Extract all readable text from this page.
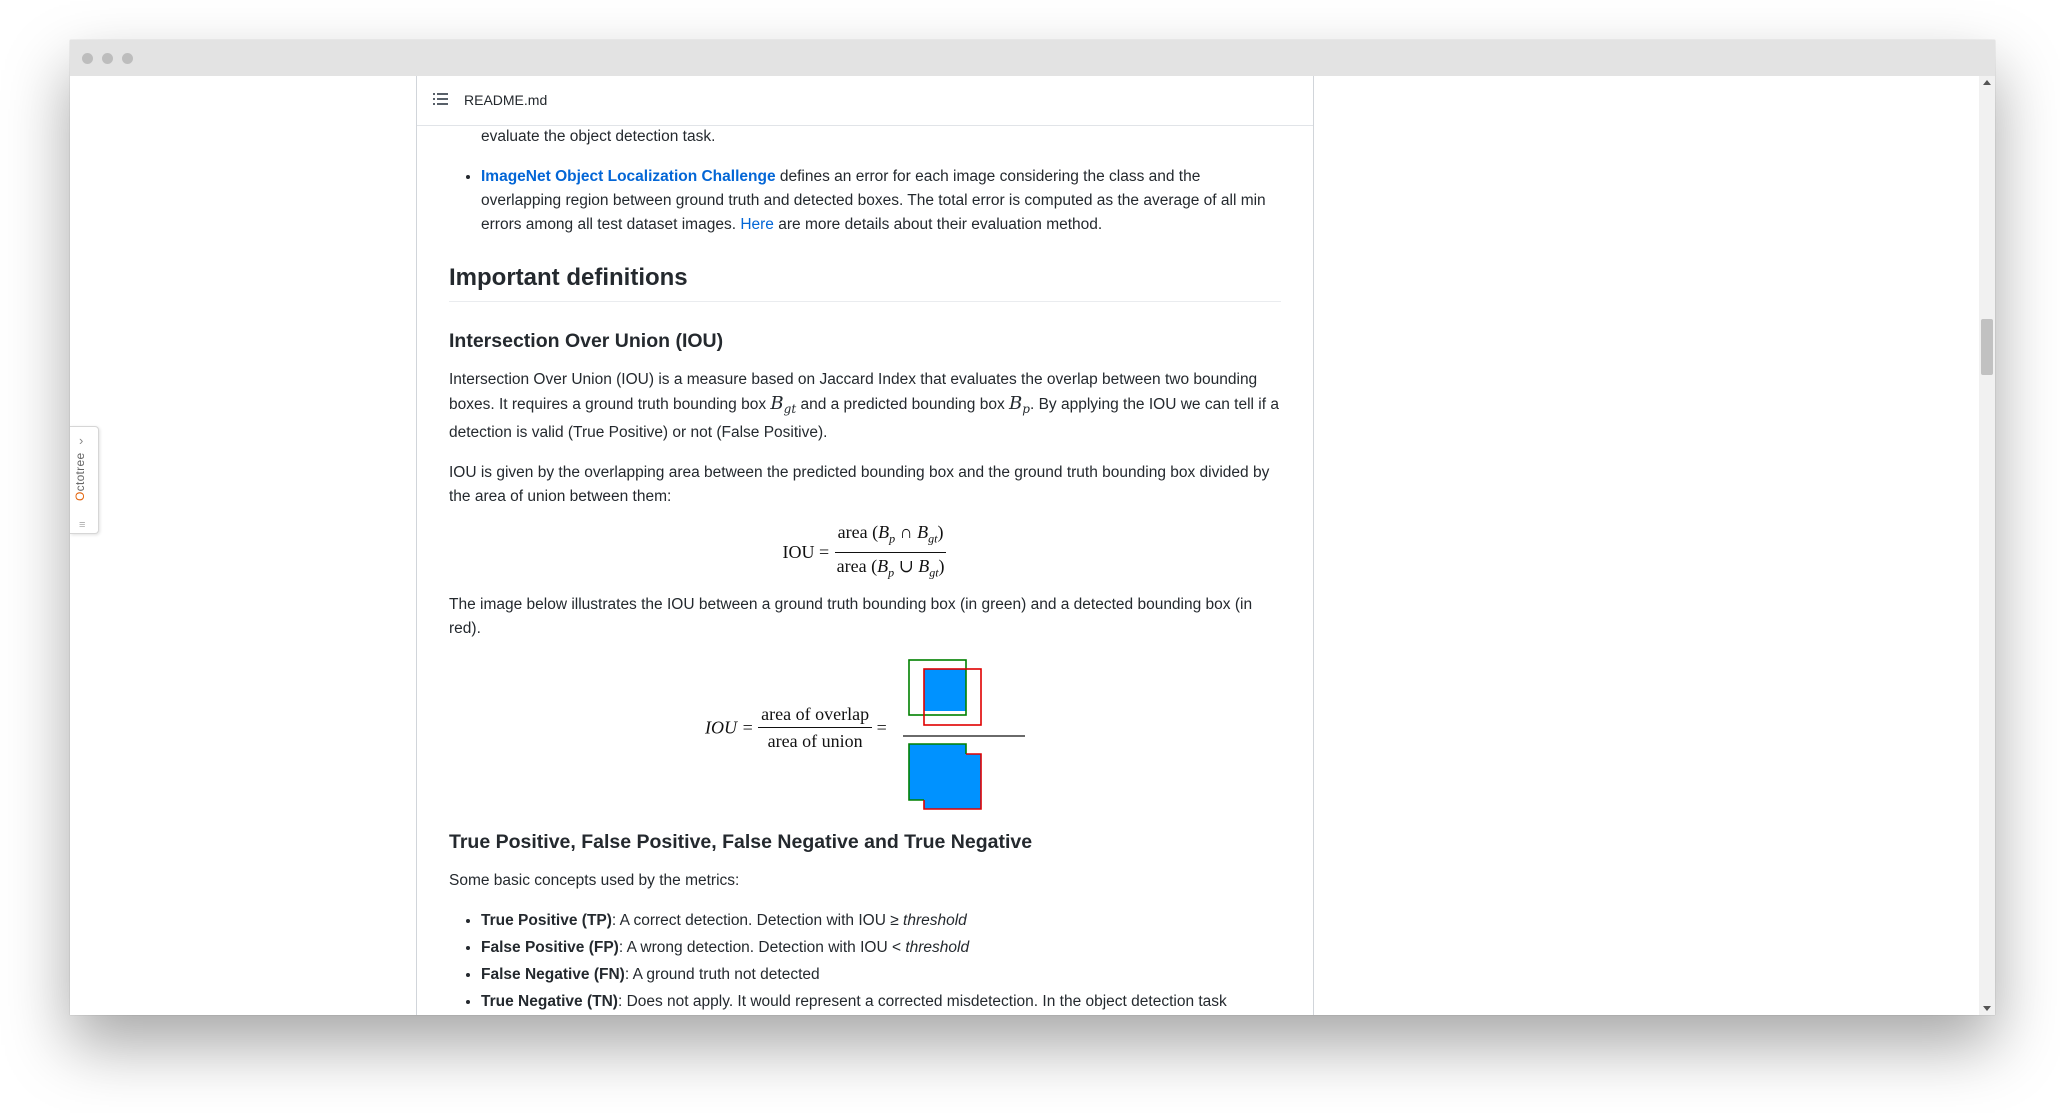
›
Octotree
≡
README.md
evaluate the object detection task.
• ImageNet Object Localization Challenge defines an error for each image considering the class and the overlapping region between ground truth and detected boxes. The total error is computed as the average of all min errors among all test dataset images. Here are more details about their evaluation method.
Important definitions
Intersection Over Union (IOU)

Intersection Over Union (IOU) is a measure based on Jaccard Index that evaluates the overlap between two bounding boxes. It requires a ground truth bounding box $B_{gt}$ and a predicted bounding box $B_p$. By applying the IOU we can tell if a detection is valid (True Positive) or not (False Positive).

IOU is given by the overlapping area between the predicted bounding box and the ground truth bounding box divided by the area of union between them:

IOU = $\frac{area (B_p \cap B_{gt})}{area (B_p \cup B_{gt})}$

The image below illustrates the IOU between a ground truth bounding box (in green) and a detected bounding box (in red).

IOU = $\frac{\text{area of overlap}}{\text{area of union}}$ =
True Positive, False Positive, False Negative and True Negative

Some basic concepts used by the metrics:

• True Positive (TP): A correct detection. Detection with IOU ≥ threshold
• False Positive (FP): A wrong detection. Detection with IOU < threshold
• False Negative (FN): A ground truth not detected
• True Negative (TN): Does not apply. It would represent a corrected misdetection. In the object detection task
